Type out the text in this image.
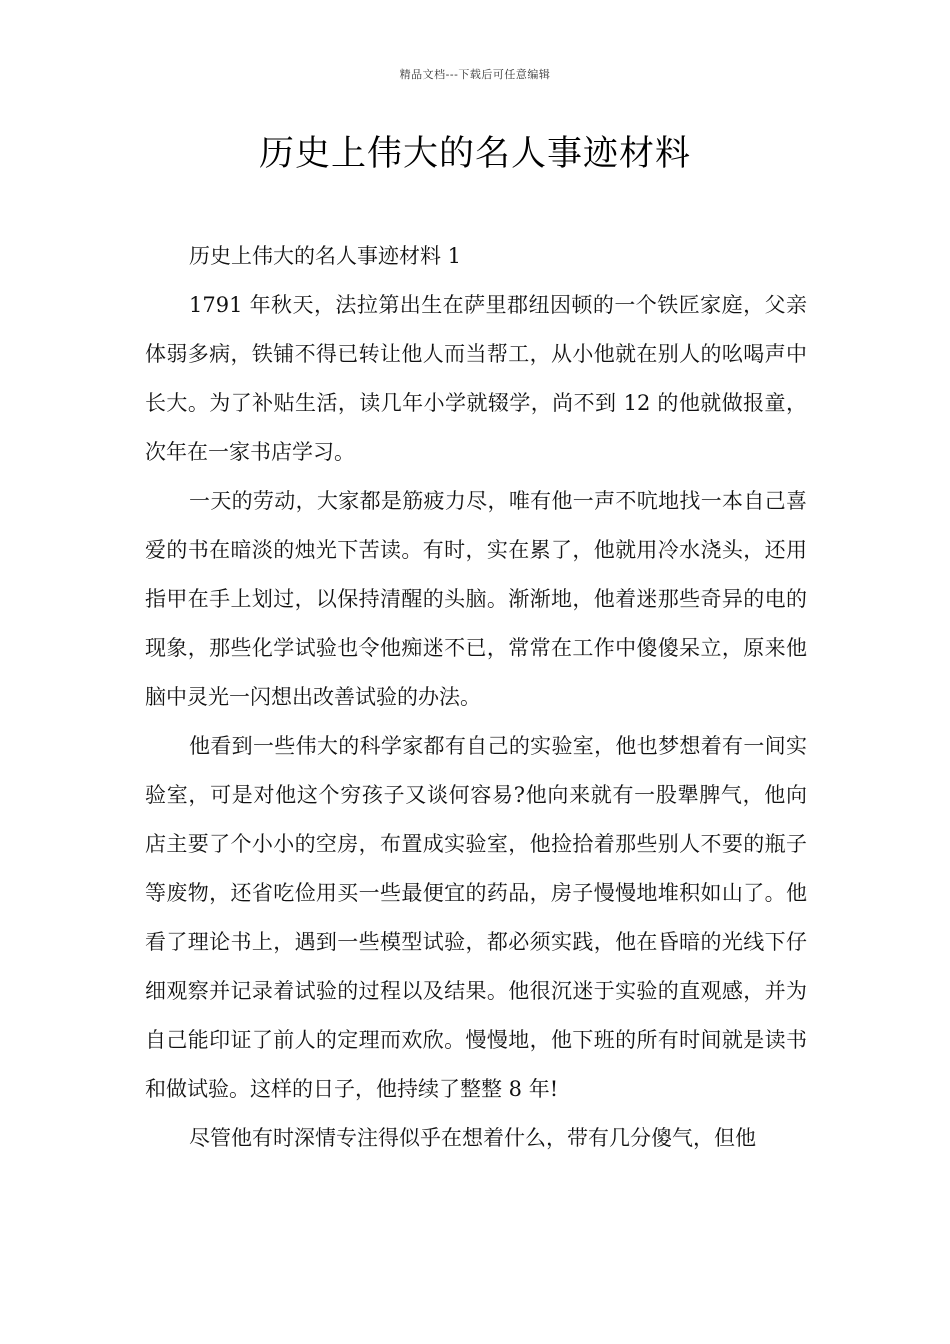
精品文档---下载后可任意编辑
历史上伟大的名人事迹材料

历史上伟大的名人事迹材料 1

1791 年秋天，法拉第出生在萨里郡纽因顿的一个铁匠家庭，父亲体弱多病，铁铺不得已转让他人而当帮工，从小他就在别人的吆喝声中长大。为了补贴生活，读几年小学就辍学，尚不到 12 的他就做报童，次年在一家书店学习。

一天的劳动，大家都是筋疲力尽，唯有他一声不吭地找一本自己喜爱的书在暗淡的烛光下苦读。有时，实在累了，他就用冷水浇头，还用指甲在手上划过，以保持清醒的头脑。渐渐地，他着迷那些奇异的电的现象，那些化学试验也令他痴迷不已，常常在工作中傻傻呆立，原来他脑中灵光一闪想出改善试验的办法。

他看到一些伟大的科学家都有自己的实验室，他也梦想着有一间实验室，可是对他这个穷孩子又谈何容易?他向来就有一股犟脾气，他向店主要了个小小的空房，布置成实验室，他捡拾着那些别人不要的瓶子等废物，还省吃俭用买一些最便宜的药品，房子慢慢地堆积如山了。他看了理论书上，遇到一些模型试验，都必须实践，他在昏暗的光线下仔细观察并记录着试验的过程以及结果。他很沉迷于实验的直观感，并为自己能印证了前人的定理而欢欣。慢慢地，他下班的所有时间就是读书和做试验。这样的日子，他持续了整整 8 年!

尽管他有时深情专注得似乎在想着什么，带有几分傻气，但他
